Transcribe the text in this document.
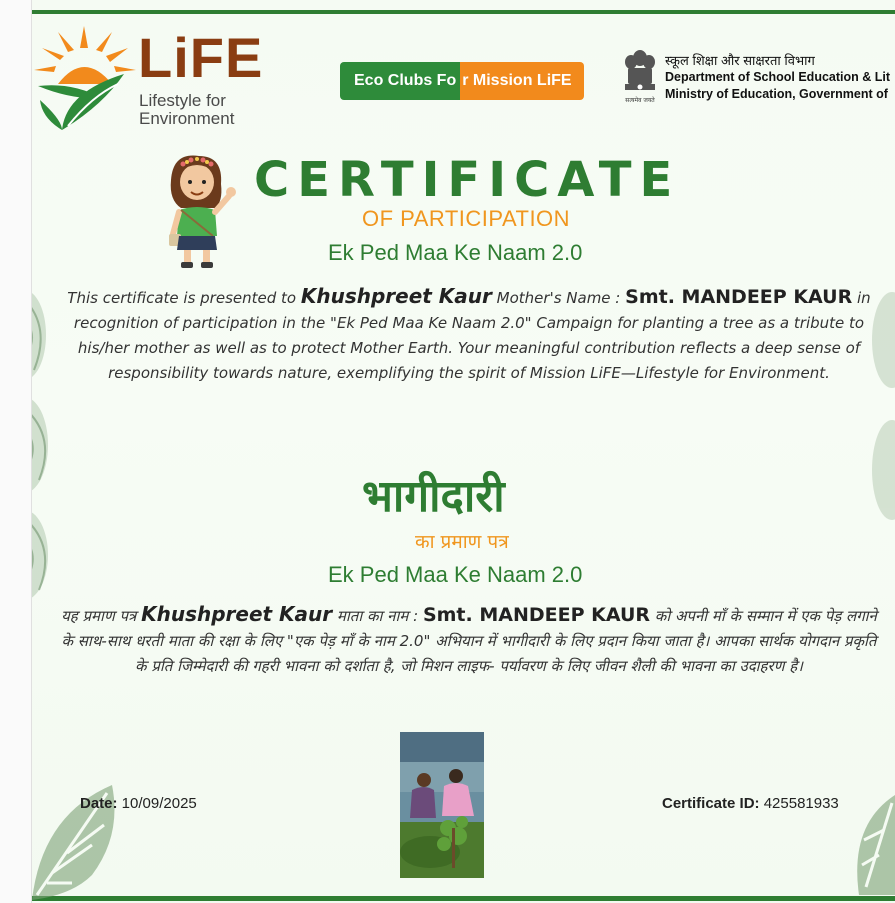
LiFE
Lifestyle for
Environment
Eco Clubs Fo r Mission LiFE
सत्यमेव जयते
स्कूल शिक्षा और साक्षरता विभाग
Department of School Education & Lit
Ministry of Education, Government of
CERTIFICATE
OF PARTICIPATION
Ek Ped Maa Ke Naam 2.0
This certificate is presented to Khushpreet Kaur Mother's Name : Smt. MANDEEP KAUR in recognition of participation in the "Ek Ped Maa Ke Naam 2.0" Campaign for planting a tree as a tribute to his/her mother as well as to protect Mother Earth. Your meaningful contribution reflects a deep sense of responsibility towards nature, exemplifying the spirit of Mission LiFE—Lifestyle for Environment.
भागीदारी
का प्रमाण पत्र
Ek Ped Maa Ke Naam 2.0
यह प्रमाण पत्र Khushpreet Kaur माता का नाम : Smt. MANDEEP KAUR को अपनी माँ के सम्मान में एक पेड़ लगाने के साथ-साथ धरती माता की रक्षा के लिए "एक पेड़ माँ के नाम 2.0" अभियान में भागीदारी के लिए प्रदान किया जाता है। आपका सार्थक योगदान प्रकृति के प्रति जिम्मेदारी की गहरी भावना को दर्शाता है, जो मिशन लाइफ- पर्यावरण के लिए जीवन शैली की भावना का उदाहरण है।
Date: 10/09/2025	Certificate ID: 425581933
